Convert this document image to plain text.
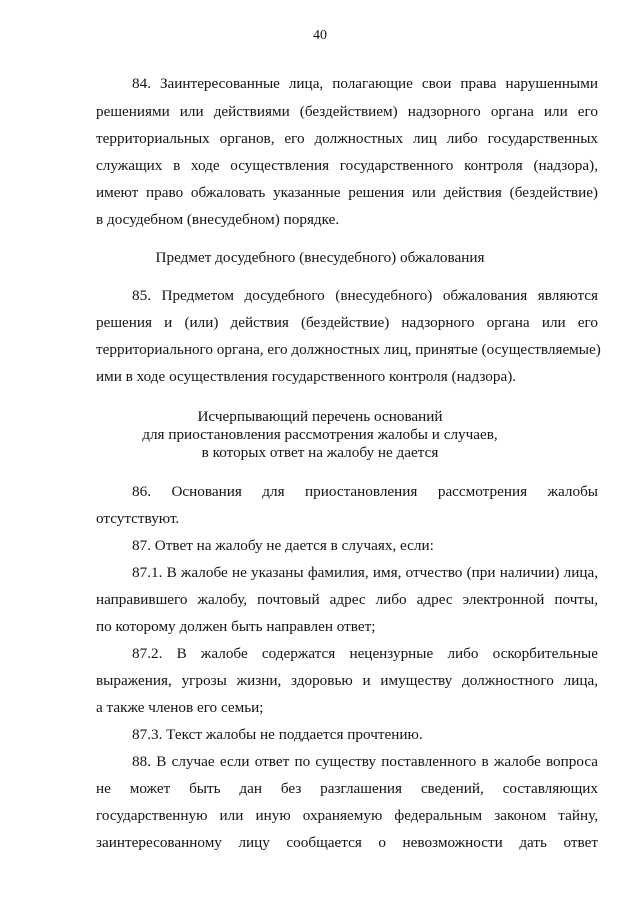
40
84. Заинтересованные лица, полагающие свои права нарушенными
решениями или действиями (бездействием) надзорного органа или его
территориальных органов, его должностных лиц либо государственных
служащих в ходе осуществления государственного контроля (надзора),
имеют право обжаловать указанные решения или действия (бездействие)
в досудебном (внесудебном) порядке.
Предмет досудебного (внесудебного) обжалования
85. Предметом досудебного (внесудебного) обжалования являются
решения и (или) действия (бездействие) надзорного органа или его
территориального органа, его должностных лиц, принятые (осуществляемые)
ими в ходе осуществления государственного контроля (надзора).
Исчерпывающий перечень оснований
для приостановления рассмотрения жалобы и случаев,
в которых ответ на жалобу не дается
86. Основания для приостановления рассмотрения жалобы
отсутствуют.
87. Ответ на жалобу не дается в случаях, если:
87.1. В жалобе не указаны фамилия, имя, отчество (при наличии) лица,
направившего жалобу, почтовый адрес либо адрес электронной почты,
по которому должен быть направлен ответ;
87.2. В жалобе содержатся нецензурные либо оскорбительные
выражения, угрозы жизни, здоровью и имуществу должностного лица,
а также членов его семьи;
87.3. Текст жалобы не поддается прочтению.
88. В случае если ответ по существу поставленного в жалобе вопроса
не может быть дан без разглашения сведений, составляющих
государственную или иную охраняемую федеральным законом тайну,
заинтересованному лицу сообщается о невозможности дать ответ
